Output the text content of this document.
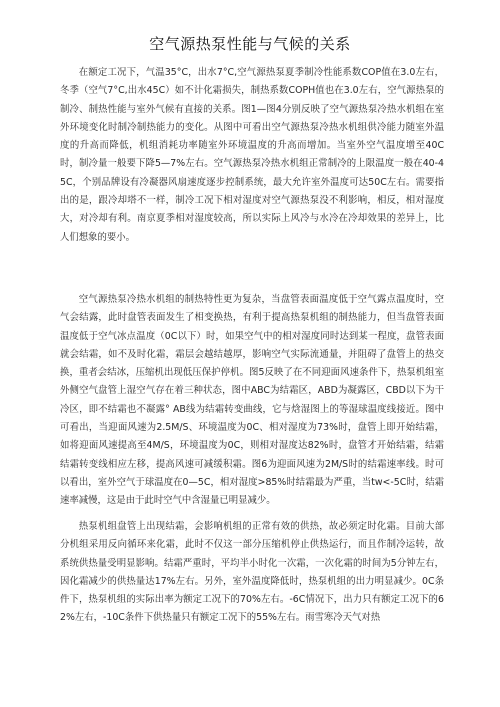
空气源热泵性能与气候的关系

在额定工况下，气温35°C，出水7°C,空气源热泵夏季制冷性能系数COP值在3.0左右，冬季（空气7°C,出水45C）如不计化霜损失，制热系数COPH值也在3.0左右，空气源热泵的制冷、制热性能与室外气候有直接的关系。图1—图4分别反映了空气源热泵冷热水机组在室外环境变化时制冷制热能力的变化。从图中可看出空气源热泵冷热水机组供冷能力随室外温度的升高而降低，机组消耗功率随室外环境温度的升高而增加。当室外空气温度增至40C时，制冷量一般要下降5—7%左右。空气源热泵冷热水机组正常制冷的上限温度一般在40-45C，个别品牌设有冷凝器风扇速度逐步控制系统，最大允许室外温度可达50C左右。需要指出的是，跟冷却塔不一样，制冷工况下相对湿度对空气源热泵没不利影响，相反，相对湿度大，对冷却有利。南京夏季相对湿度较高，所以实际上风冷与水冷在冷却效果的差异上，比人们想象的要小。

空气源热泵冷热水机组的制热特性更为复杂，当盘管表面温度低于空气露点温度时，空气会结露，此时盘管表面发生了相变换热，有利于提高热泵机组的制热能力，但当盘管表面温度低于空气冰点温度（0C以下）时，如果空气中的相对湿度同时达到某一程度，盘管表面就会结霜，如不及时化霜，霜层会越结越厚，影响空气实际流通量，并阻碍了盘管上的热交换，重者会结冰，压缩机出现低压保护停机。图5反映了在不同迎面风速条件下，热泵机组室外侧空气盘管上湿空气存在着三种状态，图中ABC为结霜区，ABD为凝露区，CBD以下为干冷区，即不结霜也不凝露° AB线为结霜转变曲线，它与焓湿图上的等湿球温度线接近。图中可看出，当迎面风速为2.5M/S、环境温度为0C、相对湿度为73%时，盘管上即开始结霜，如将迎面风速提高至4M/S，环境温度为0C，则相对湿度达82%时，盘管才开始结霜，结霜结霜转变线相应左移，提高风速可减缓积霜。图6为迎面风速为2M/S时的结霜速率线。时可以看出，室外空气于球温度在0—5C，相对湿度>85%时结霜最为严重，当tw<-5C时，结霜速率减慢，这是由于此时空气中含湿量已明显减少。

热泵机组盘管上出现结霜，会影响机组的正常有效的供热，故必须定时化霜。目前大部分机组采用反向循环来化霜，此时不仅这一部分压缩机停止供热运行，而且作制冷运转，故系统供热量受明显影响。结霜严重时，平均半小时化一次霜，一次化霜的时间为5分钟左右，因化霜减少的供热量达17%左右。另外，室外温度降低时，热泵机组的出力明显减少。0C条件下，热泵机组的实际出率为额定工况下的70%左右。-6C情况下，出力只有额定工况下的62%左右，-10C条件下供热量只有额定工况下的55%左右。雨雪寒冷天气对热
